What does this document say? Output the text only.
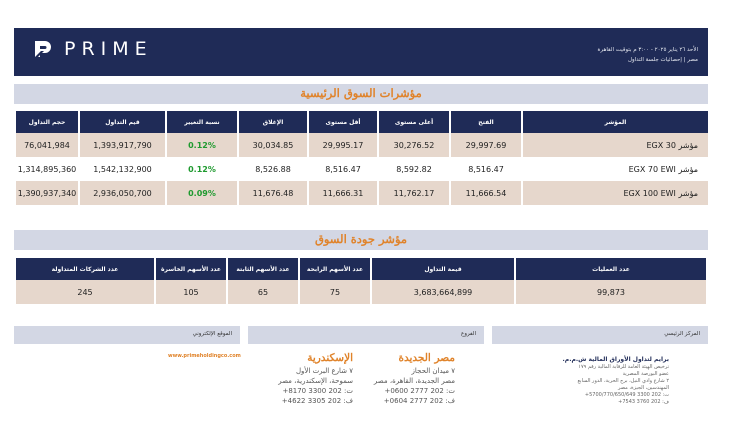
PRIME	الأحد ٢٦ يناير ٢٠٢٥ - ٣:٠٠ م بتوقيت القاهرة
مصر | إحصائيات جلسة التداول
مؤشرات السوق الرئيسية
حجم التداول	قيم التداول	نسبة التغيير	الإغلاق	أقل مستوى	أعلى مستوى	الفتح	المؤشر
76,041,984	1,393,917,790	0.12%	30,034.85	29,995.17	30,276.52	29,997.69	مؤشر EGX 30
1,314,895,360	1,542,132,900	0.12%	8,526.88	8,516.47	8,592.82	8,516.47	مؤشر EGX 70 EWI
1,390,937,340	2,936,050,700	0.09%	11,676.48	11,666.31	11,762.17	11,666.54	مؤشر EGX 100 EWI
مؤشر جودة السوق
عدد الشركات المتداولة	عدد الأسهم الخاسرة	عدد الأسهم الثابتة	عدد الأسهم الرابحة	قيمة التداول	عدد العمليات
245	105	65	75	3,683,664,899	99,873
الموقع الإلكتروني	الفروع	المركز الرئيسي
www.primeholdingco.com	الإسكندرية
٧ شارع البرت الأول
سموحة، الإسكندرية، مصر
ت: 202 3300 8170+
ف: 202 3305 4622+
مصر الجديدة
٧ ميدان الحجاز
مصر الجديدة، القاهرة، مصر
ت: 202 2777 0600+
ف: 202 2777 0604+
برايم لتداول الأوراق المالية ش.م.م.
ترخيص الهيئة العامة للرقابة المالية رقم ١٧٩
عضو البورصة المصرية
٢ شارع وادي النيل، برج الحرية، الدور السابع
المهندسين، الجيزة، مصر
ت: 202 3300 5700/770/650/649+
ف: 202 3760 7543+
